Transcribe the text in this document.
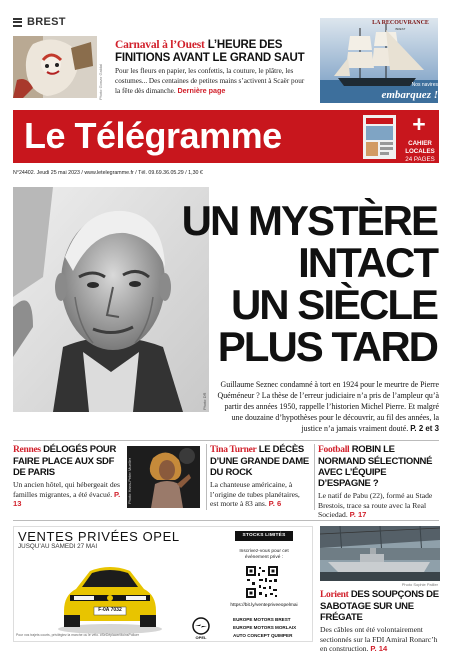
BREST
Photo Gonzo Galdal
Carnaval à l’Ouest L’HEURE DES FINITIONS AVANT LE GRAND SAUT
Pour les fleurs en papier, les confettis, la couture, le plâtre, les costumes... Des centaines de petites mains s’activent à Scaër pour la fête dès dimanche. Dernière page
LA RECOUVRANCE
BREST
Nos navires
embarquez !
Le Télégramme	+
CAHIER
LOCALES
24 PAGES
N°24402. Jeudi 25 mai 2023 / www.letelegramme.fr / Tél. 09.69.36.05.29 / 1,30 €
Photo DR
UN MYSTÈRE
INTACT
UN SIÈCLE
PLUS TARD
Guillaume Seznec condamné à tort en 1924 pour le meurtre de Pierre Quéméneur ? La thèse de l’erreur judiciaire n’a pris de l’ampleur qu’à partir des années 1950, rappelle l’historien Michel Pierre. Et malgré une douzaine d’hypothèses pour le découvrir, au fil des années, la justice n’a jamais vraiment douté. P. 2 et 3
Rennes DÉLOGÉS POUR FAIRE PLACE AUX SDF DE PARIS
Un ancien hôtel, qui hébergeait des familles migrantes, a été évacué. P. 13	Photo Hans-Peter Mueller
Tina Turner LE DÉCÈS D’UNE GRANDE DAME DU ROCK
La chanteuse américaine, à l’origine de tubes planétaires, est morte à 83 ans. P. 6
Football ROBIN LE NORMAND SÉLECTIONNÉ AVEC L’ÉQUIPE D’ESPAGNE ?
Le natif de Pabu (22), formé au Stade Brestois, trace sa route avec la Real Sociedad. P. 17
VENTES PRIVÉES OPEL
JUSQU’AU SAMEDI 27 MAI
F-0A 7032
Pour vos trajets courts, privilégiez la marche ou le vélo. #SeDéplacerMoinsPolluer
STOCKS LIMITÉS
Inscrivez-vous pour cet événement privé :
https://bit.ly/ventepriveeopelmai
OPEL
EUROPE MOTORS BREST
EUROPE MOTORS MORLAIX
AUTO CONCEPT QUIMPER
Photo Sophie Pailler
Lorient DES SOUPÇONS DE SABOTAGE SUR UNE FRÉGATE
Des câbles ont été volontairement sectionnés sur la FDI Amiral Ronarc’h en construction. P. 14
